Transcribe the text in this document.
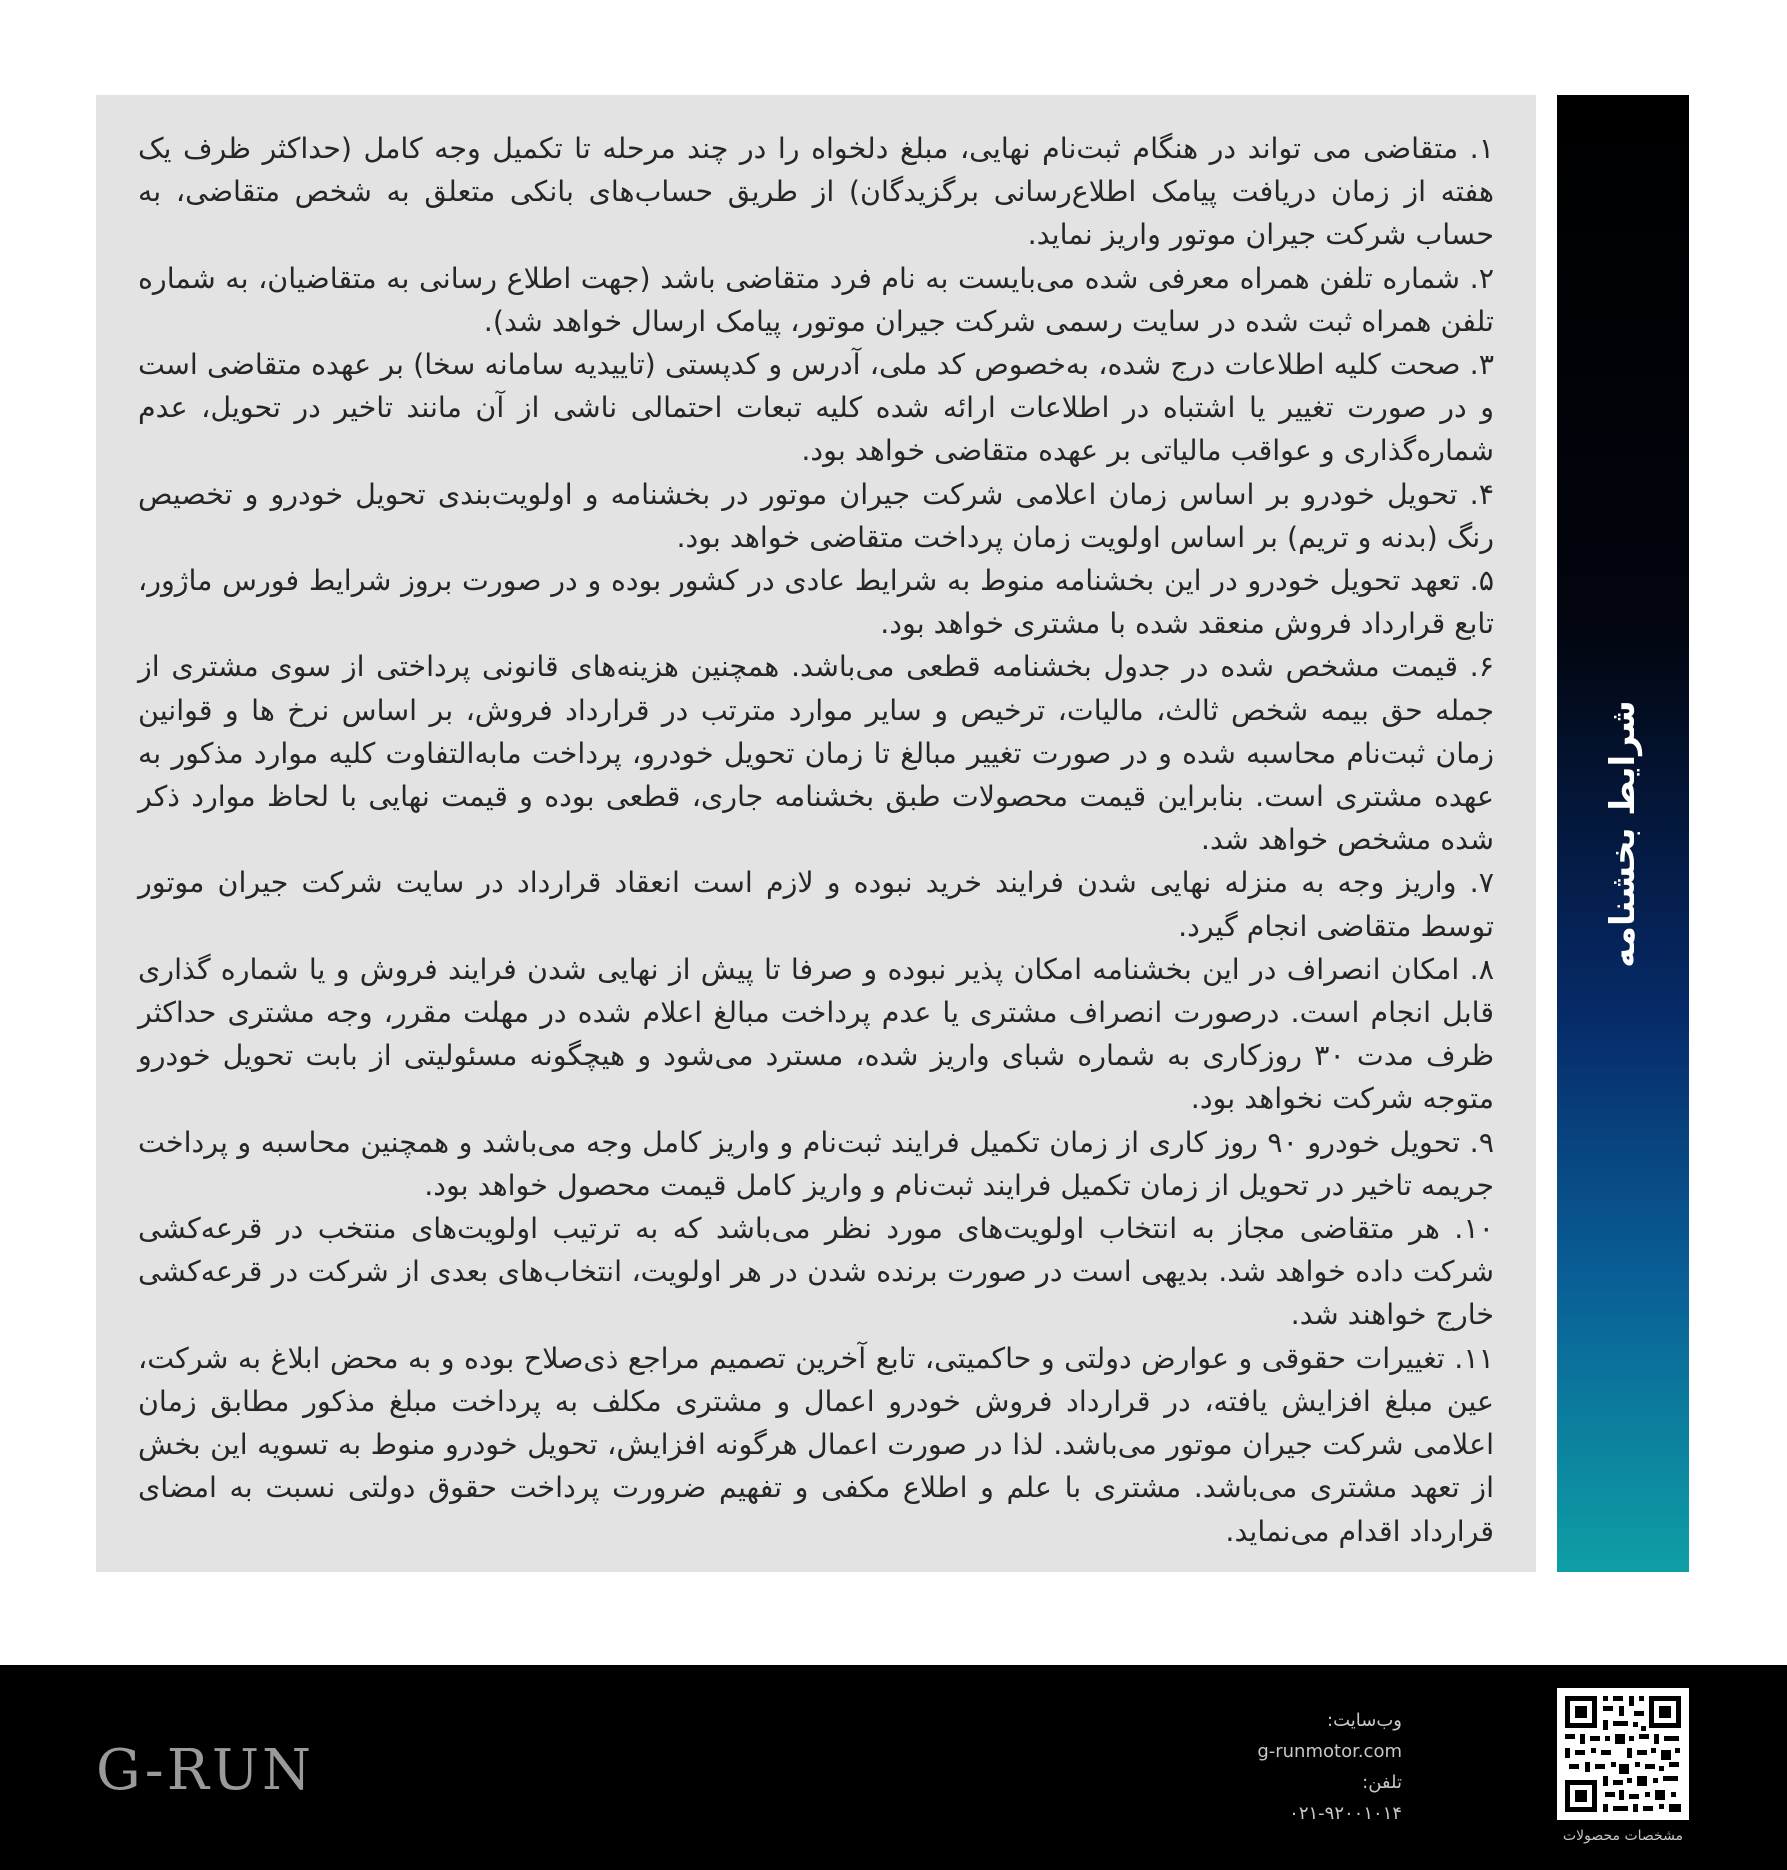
۱. متقاضی می تواند در هنگام ثبت‌نام نهایی، مبلغ دلخواه را در چند مرحله تا تکمیل وجه کامل (حداکثر ظرف یک هفته از زمان دریافت پیامک اطلاع‌رسانی برگزیدگان) از طریق حساب‌های بانکی متعلق به شخص متقاضی، به حساب شرکت جیران موتور واریز نماید.

۲. شماره تلفن همراه معرفی شده می‌بایست به نام فرد متقاضی باشد (جهت اطلاع رسانی به متقاضیان، به شماره تلفن همراه ثبت شده در سایت رسمی شرکت جیران موتور، پیامک ارسال خواهد شد).

۳. صحت کلیه اطلاعات درج شده، به‌خصوص کد ملی، آدرس و کدپستی (تاییدیه سامانه سخا) بر عهده متقاضی است و در صورت تغییر یا اشتباه در اطلاعات ارائه شده کلیه تبعات احتمالی ناشی از آن مانند تاخیر در تحویل، عدم شماره‌گذاری و عواقب مالیاتی بر عهده متقاضی خواهد بود.

۴. تحویل خودرو بر اساس زمان اعلامی شرکت جیران موتور در بخشنامه و اولویت‌بندی تحویل خودرو و تخصیص رنگ (بدنه و تریم) بر اساس اولویت زمان پرداخت متقاضی خواهد بود.

۵. تعهد تحویل خودرو در این بخشنامه منوط به شرایط عادی در کشور بوده و در صورت بروز شرایط فورس ماژور، تابع قرارداد فروش منعقد شده با مشتری خواهد بود.

۶. قیمت مشخص شده در جدول بخشنامه قطعی می‌باشد. همچنین هزینه‌های قانونی پرداختی از سوی مشتری از جمله حق بیمه شخص ثالث، مالیات، ترخیص و سایر موارد مترتب در قرارداد فروش، بر اساس نرخ ها و قوانین زمان ثبت‌نام محاسبه شده و در صورت تغییر مبالغ تا زمان تحویل خودرو، پرداخت مابه‌التفاوت کلیه موارد مذکور به عهده مشتری است. بنابراین قیمت محصولات طبق بخشنامه جاری، قطعی بوده و قیمت نهایی با لحاظ موارد ذکر شده مشخص خواهد شد.

۷. واریز وجه به منزله نهایی شدن فرایند خرید نبوده و لازم است انعقاد قرارداد در سایت شرکت جیران موتور توسط متقاضی انجام گیرد.

۸. امکان انصراف در این بخشنامه امکان پذیر نبوده و صرفا تا پیش از نهایی شدن فرایند فروش و یا شماره گذاری قابل انجام است. درصورت انصراف مشتری یا عدم پرداخت مبالغ اعلام شده در مهلت مقرر، وجه مشتری حداکثر ظرف مدت ۳۰ روزکاری به شماره شبای واریز شده، مسترد می‌شود و هیچگونه مسئولیتی از بابت تحویل خودرو متوجه شرکت نخواهد بود.

۹. تحویل خودرو ۹۰ روز کاری از زمان تکمیل فرایند ثبت‌نام و واریز کامل وجه می‌باشد و همچنین محاسبه و پرداخت جریمه تاخیر در تحویل از زمان تکمیل فرایند ثبت‌نام و واریز کامل قیمت محصول خواهد بود.

۱۰. هر متقاضی مجاز به انتخاب اولویت‌های مورد نظر می‌باشد که به ترتیب اولویت‌های منتخب در قرعه‌کشی شرکت داده خواهد شد. بدیهی است در صورت برنده شدن در هر اولویت، انتخاب‌های بعدی از شرکت در قرعه‌کشی خارج خواهند شد.

۱۱. تغییرات حقوقی و عوارض دولتی و حاکمیتی، تابع آخرین تصمیم مراجع ذی‌صلاح بوده و به محض ابلاغ به شرکت، عین مبلغ افزایش یافته، در قرارداد فروش خودرو اعمال و مشتری مکلف به پرداخت مبلغ مذکور مطابق زمان اعلامی شرکت جیران موتور می‌باشد. لذا در صورت اعمال هرگونه افزایش، تحویل خودرو منوط به تسویه این بخش از تعهد مشتری می‌باشد. مشتری با علم و اطلاع مکفی و تفهیم ضرورت پرداخت حقوق دولتی نسبت به امضای قرارداد اقدام می‌نماید.

شرایط بخشنامه
G-RUN
وب‌سایت:
g-runmotor.com
تلفن:
۰۲۱-۹۲۰۰۱۰۱۴
مشخصات محصولات
